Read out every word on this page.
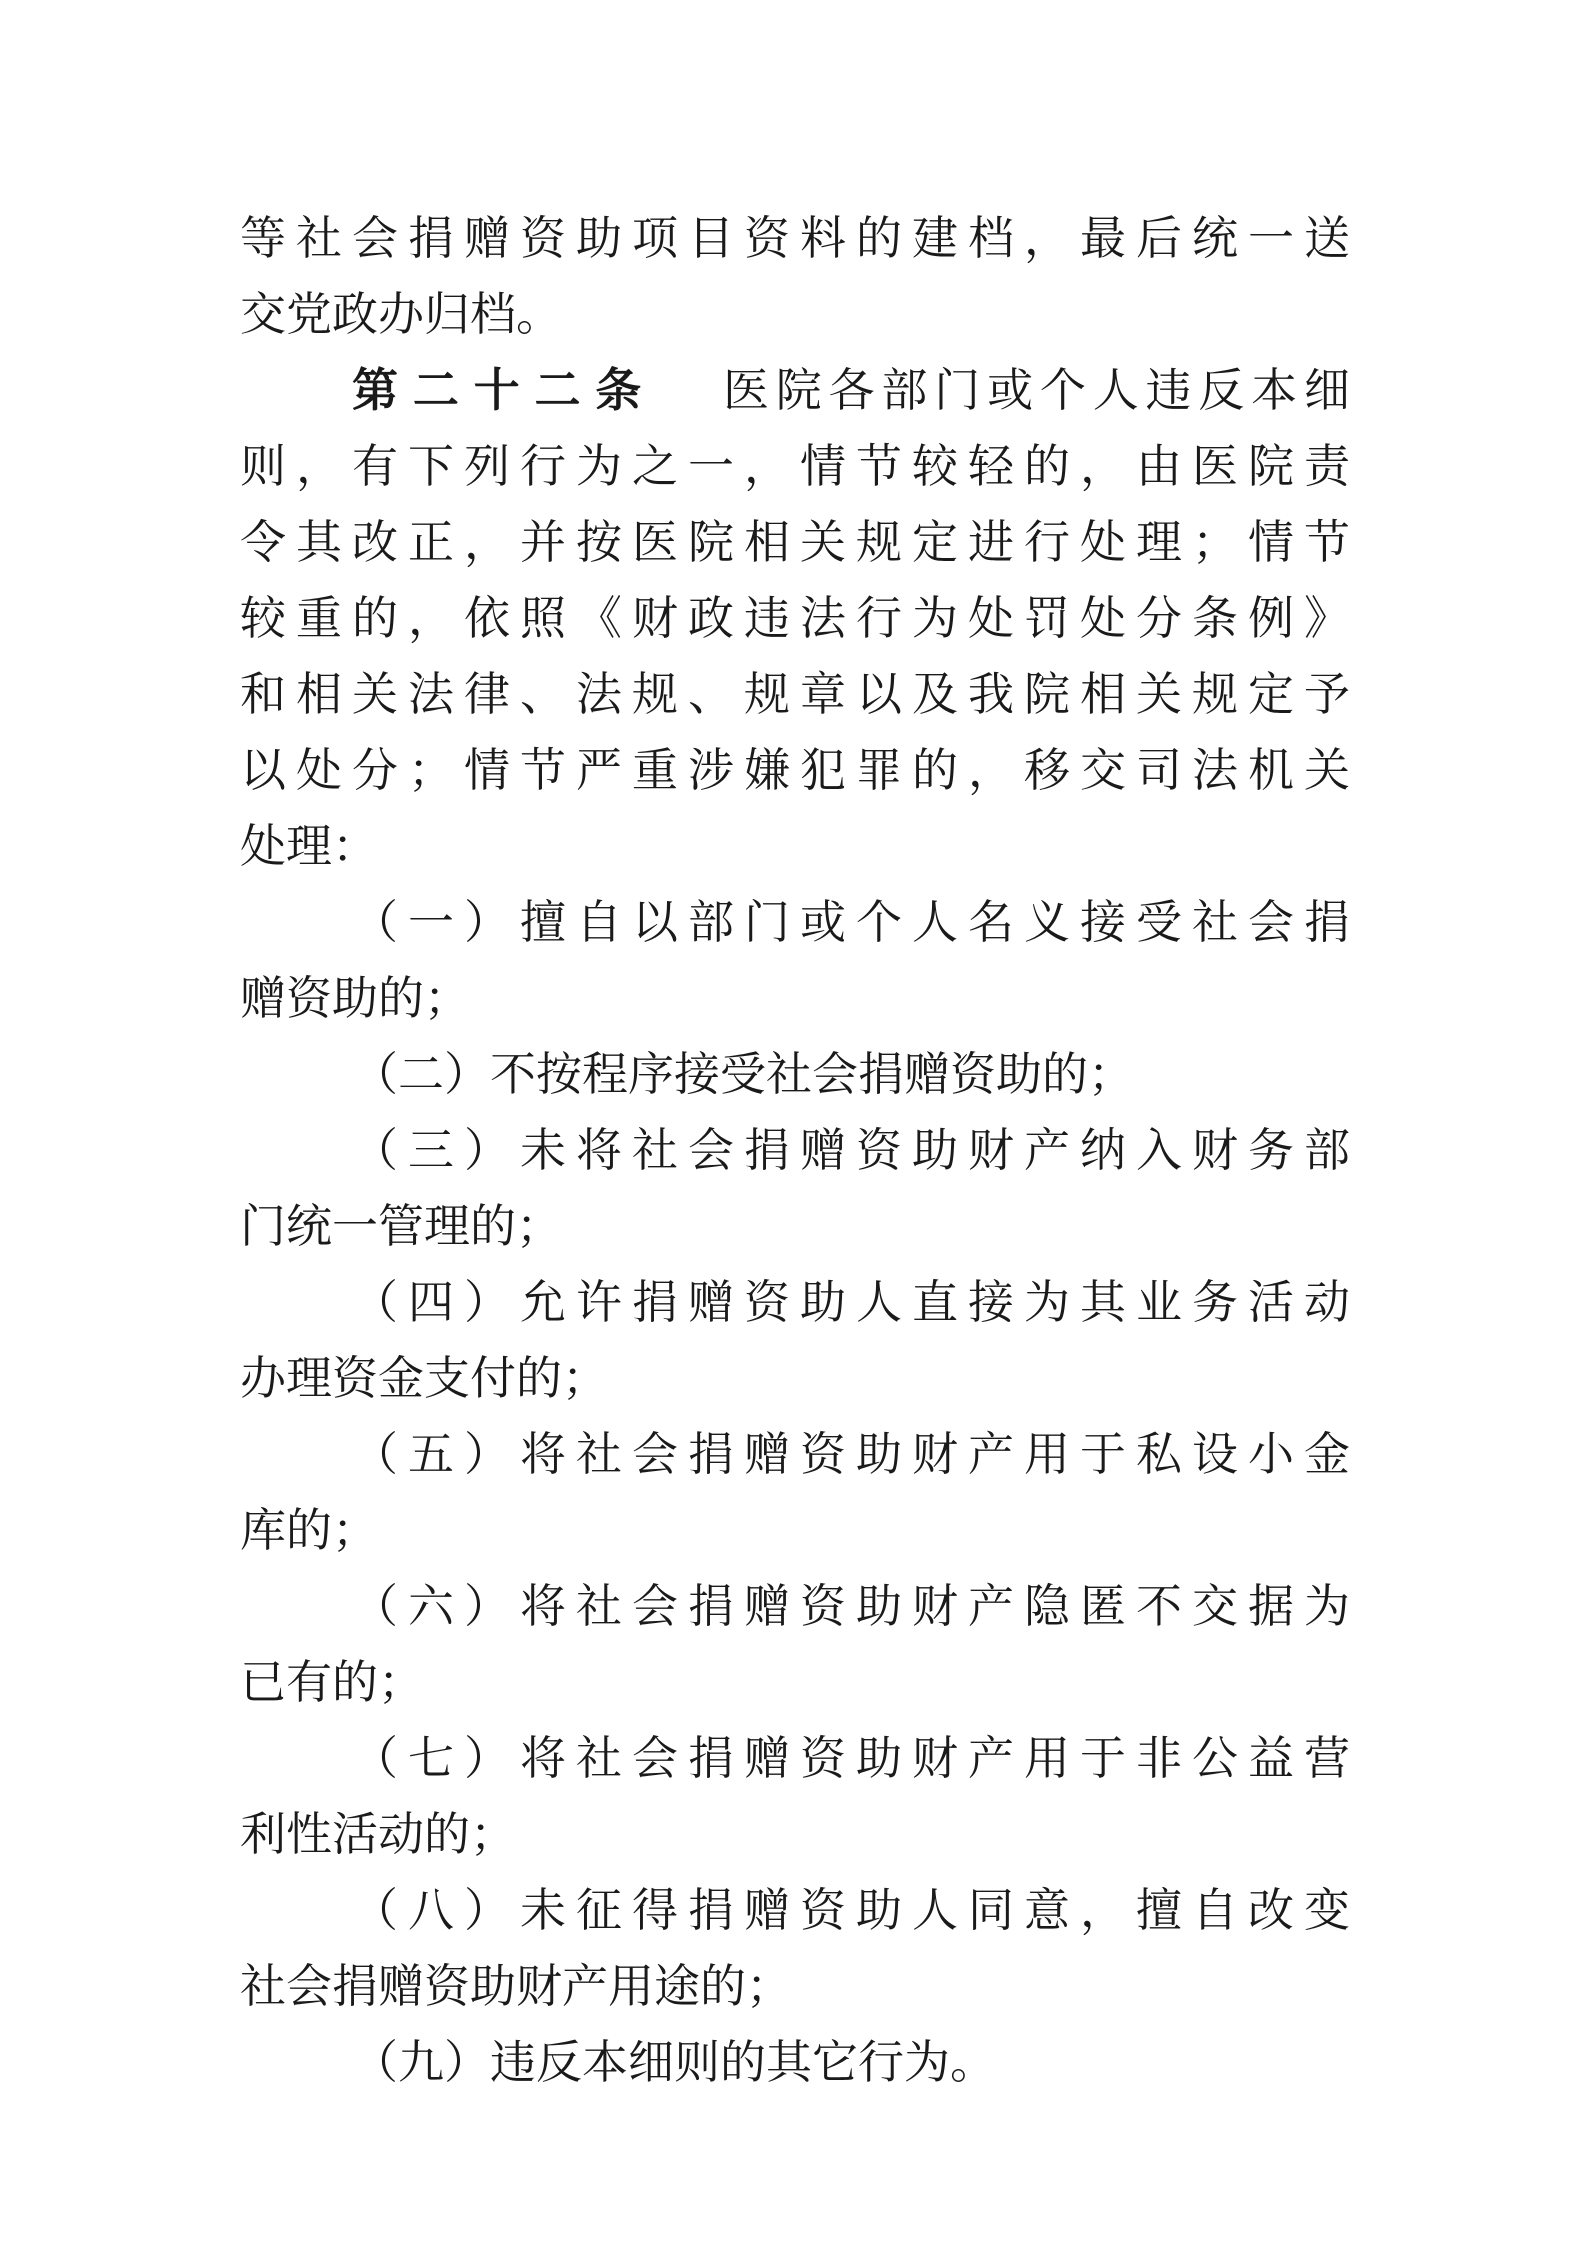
等社会捐赠资助项目资料的建档，最后统一送
交党政办归档。
第二十二条 医院各部门或个人违反本细
则，有下列行为之一，情节较轻的，由医院责
令其改正，并按医院相关规定进行处理；情节
较重的，依照《财政违法行为处罚处分条例》
和相关法律、法规、规章以及我院相关规定予
以处分；情节严重涉嫌犯罪的，移交司法机关
处理：
（一）擅自以部门或个人名义接受社会捐
赠资助的；
（二）不按程序接受社会捐赠资助的；
（三）未将社会捐赠资助财产纳入财务部
门统一管理的；
（四）允许捐赠资助人直接为其业务活动
办理资金支付的；
（五）将社会捐赠资助财产用于私设小金
库的；
（六）将社会捐赠资助财产隐匿不交据为
已有的；
（七）将社会捐赠资助财产用于非公益营
利性活动的；
（八）未征得捐赠资助人同意，擅自改变
社会捐赠资助财产用途的；
（九）违反本细则的其它行为。
